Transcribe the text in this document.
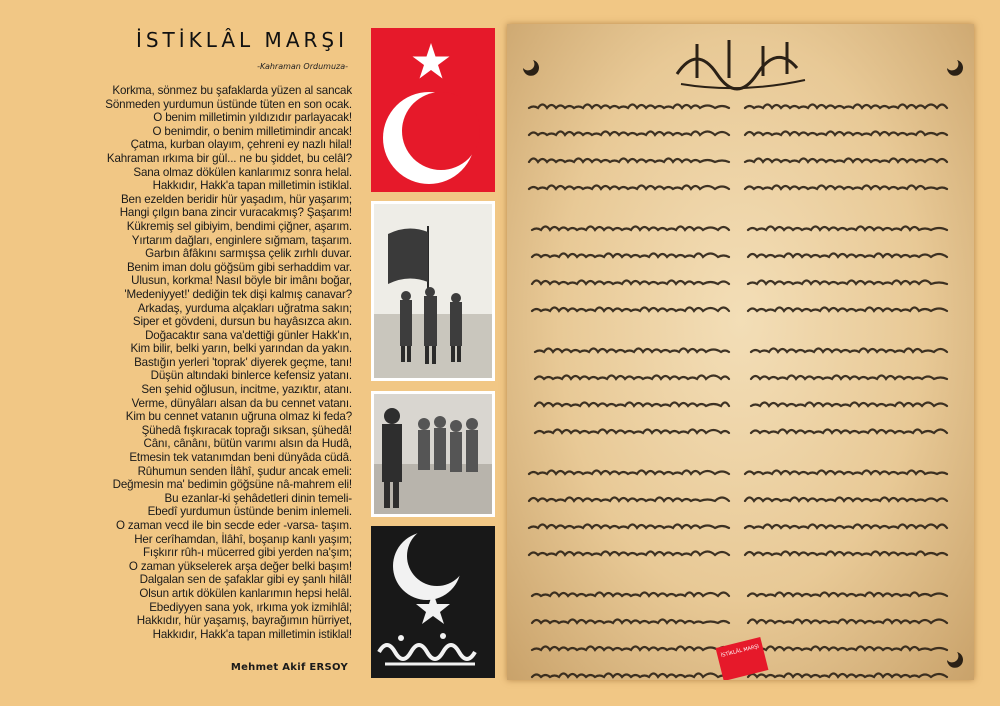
İSTİKLÂL MARŞI
-Kahraman Ordumuza-
Korkma, sönmez bu şafaklarda yüzen al sancak
Sönmeden yurdumun üstünde tüten en son ocak.
O benim milletimin yıldızıdır parlayacak!
O benimdir, o benim milletimindir ancak!
Çatma, kurban olayım, çehreni ey nazlı hilal!
Kahraman ırkıma bir gül... ne bu şiddet, bu celâl?
Sana olmaz dökülen kanlarımız sonra helal.
Hakkıdır, Hakk'a tapan milletimin istiklal.
Ben ezelden beridir hür yaşadım, hür yaşarım;
Hangi çılgın bana zincir vuracakmış? Şaşarım!
Kükremiş sel gibiyim, bendimi çiğner, aşarım.
Yırtarım dağları, enginlere sığmam, taşarım.
Garbın âfâkını sarmışsa çelik zırhlı duvar.
Benim iman dolu göğsüm gibi serhaddim var.
Ulusun, korkma! Nasıl böyle bir imânı boğar,
'Medeniyyet!' dediğin tek dişi kalmış canavar?
Arkadaş, yurduma alçakları uğratma sakın;
Siper et gövdeni, dursun bu hayâsızca akın.
Doğacaktır sana va'dettiği günler Hakk'ın,
Kim bilir, belki yarın, belki yarından da yakın.
Bastığın yerleri 'toprak' diyerek geçme, tanı!
Düşün altındaki binlerce kefensiz yatanı.
Sen şehid oğlusun, incitme, yazıktır, atanı.
Verme, dünyâları alsan da bu cennet vatanı.
Kim bu cennet vatanın uğruna olmaz ki feda?
Şühedâ fışkıracak toprağı sıksan, şühedâ!
Cânı, cânânı, bütün varımı alsın da Hudâ,
Etmesin tek vatanımdan beni dünyâda cüdâ.
Rûhumun senden İlâhî, şudur ancak emeli:
Değmesin ma' bedimin göğsüne nâ-mahrem eli!
Bu ezanlar-ki şehâdetleri dinin temeli-
Ebedî yurdumun üstünde benim inlemeli.
O zaman vecd ile bin secde eder -varsa- taşım.
Her cerîhamdan, İlâhî, boşanıp kanlı yaşım;
Fışkırır rûh-ı mücerred gibi yerden na'şım;
O zaman yükselerek arşa değer belki başım!
Dalgalan sen de şafaklar gibi ey şanlı hilâl!
Olsun artık dökülen kanlarımın hepsi helâl.
Ebediyyen sana yok, ırkıma yok izmihlâl;
Hakkıdır, hür yaşamış, bayrağımın hürriyet,
Hakkıdır, Hakk'a tapan milletimin istiklal!
Mehmet Akif ERSOY
İSTİKLÂL MARŞI
